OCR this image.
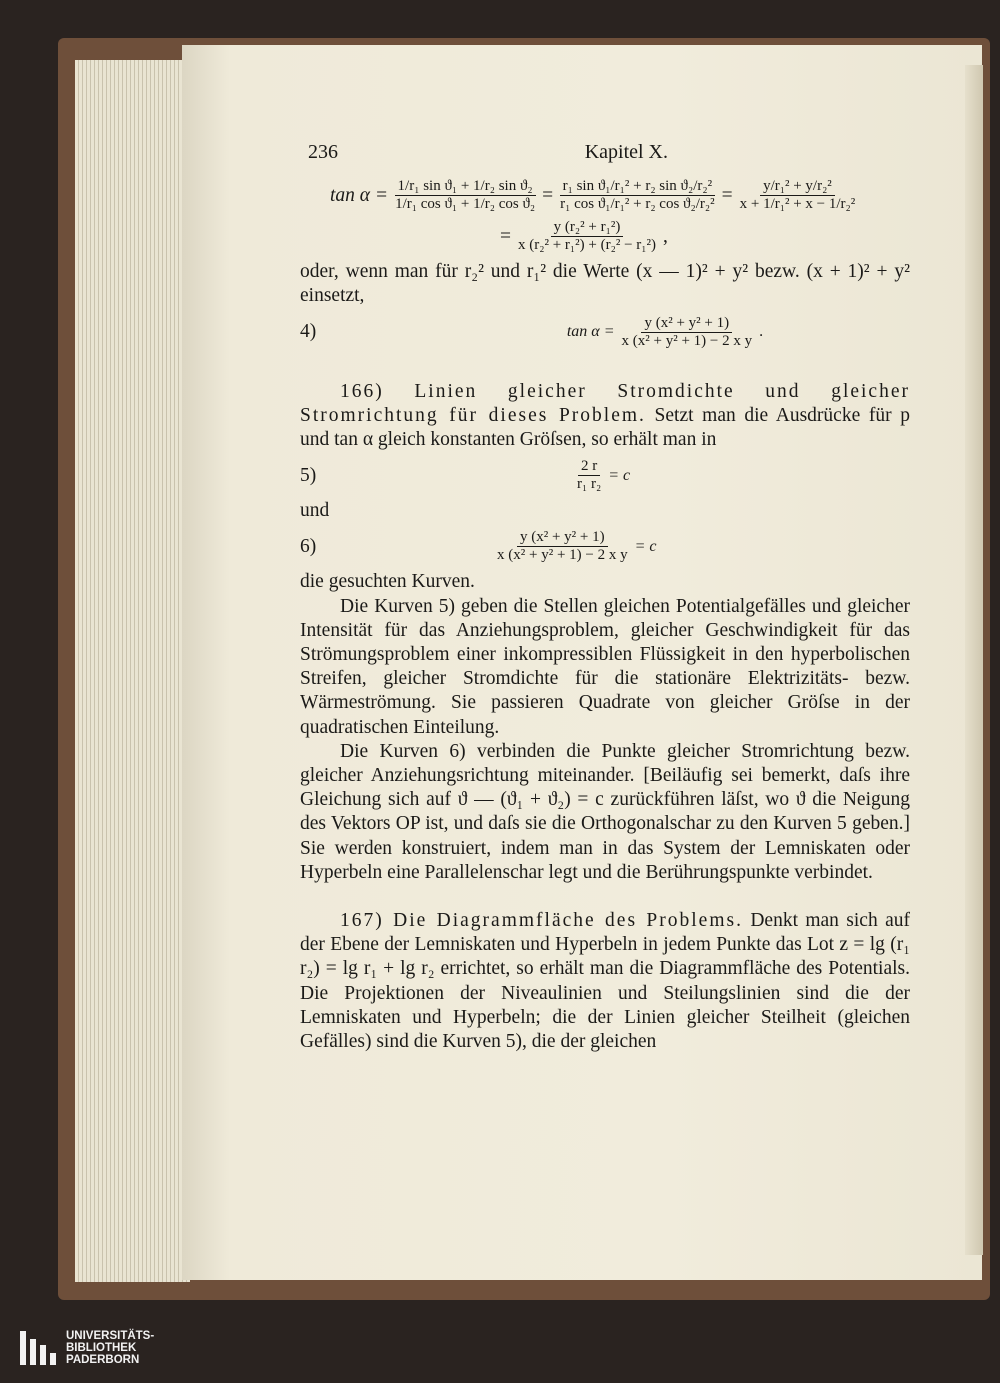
236	Kapitel X.
$\tan \alpha = \frac{\text{1/r₁ sin ϑ₁ + 1/r₂ sin ϑ₂}}{\text{1/r₁ cos ϑ₁ + 1/r₂ cos ϑ₂}} = \frac{\text{r₁ sin ϑ₁/r₁² + r₂ sin ϑ₂/r₂²}}{\text{r₁ cos ϑ₁/r₁² + r₂ cos ϑ₂/r₂²}} = \frac{\text{y/r₁² + y/r₂²}}{\text{x + 1/r₁² + x − 1/r₂²}}$
= $\frac{\text{y (r₂² + r₁²)}}{\text{x (r₂² + r₁²) + (r₂² − r₁²)}}$ ,
oder, wenn man für r₂² und r₁² die Werte (x — 1)² + y² bezw. (x + 1)² + y² einsetzt,
4)	$\tan \alpha = \frac{\text{y (x² + y² + 1)}}{\text{x (x² + y² + 1) − 2 x y}}$ .
166) Linien gleicher Stromdichte und gleicher Stromrichtung für dieses Problem. Setzt man die Ausdrücke für p und tan α gleich konstanten Gröſsen, so erhält man in
5)	$\frac{2 r}{\text{r₁ r₂}} = c$
und
6)	$\frac{\text{y (x² + y² + 1)}}{\text{x (x² + y² + 1) − 2 x y}} = c$
die gesuchten Kurven.
Die Kurven 5) geben die Stellen gleichen Potentialgefälles und gleicher Intensität für das Anziehungsproblem, gleicher Geschwindigkeit für das Strömungsproblem einer inkompressiblen Flüssigkeit in den hyperbolischen Streifen, gleicher Stromdichte für die stationäre Elektrizitäts- bezw. Wärmeströmung. Sie passieren Quadrate von gleicher Gröſse in der quadratischen Einteilung.
Die Kurven 6) verbinden die Punkte gleicher Stromrichtung bezw. gleicher Anziehungsrichtung miteinander. [Beiläufig sei bemerkt, daſs ihre Gleichung sich auf ϑ — (ϑ₁ + ϑ₂) = c zurückführen läſst, wo ϑ die Neigung des Vektors OP ist, und daſs sie die Orthogonalschar zu den Kurven 5 geben.] Sie werden konstruiert, indem man in das System der Lemniskaten oder Hyperbeln eine Parallelenschar legt und die Berührungspunkte verbindet.
167) Die Diagrammfläche des Problems. Denkt man sich auf der Ebene der Lemniskaten und Hyperbeln in jedem Punkte das Lot z = lg (r₁ r₂) = lg r₁ + lg r₂ errichtet, so erhält man die Diagrammfläche des Potentials. Die Projektionen der Niveaulinien und Steilungslinien sind die der Lemniskaten und Hyperbeln; die der Linien gleicher Steilheit (gleichen Gefälles) sind die Kurven 5), die der gleichen
UNIVERSITÄTS-
BIBLIOTHEK
PADERBORN
